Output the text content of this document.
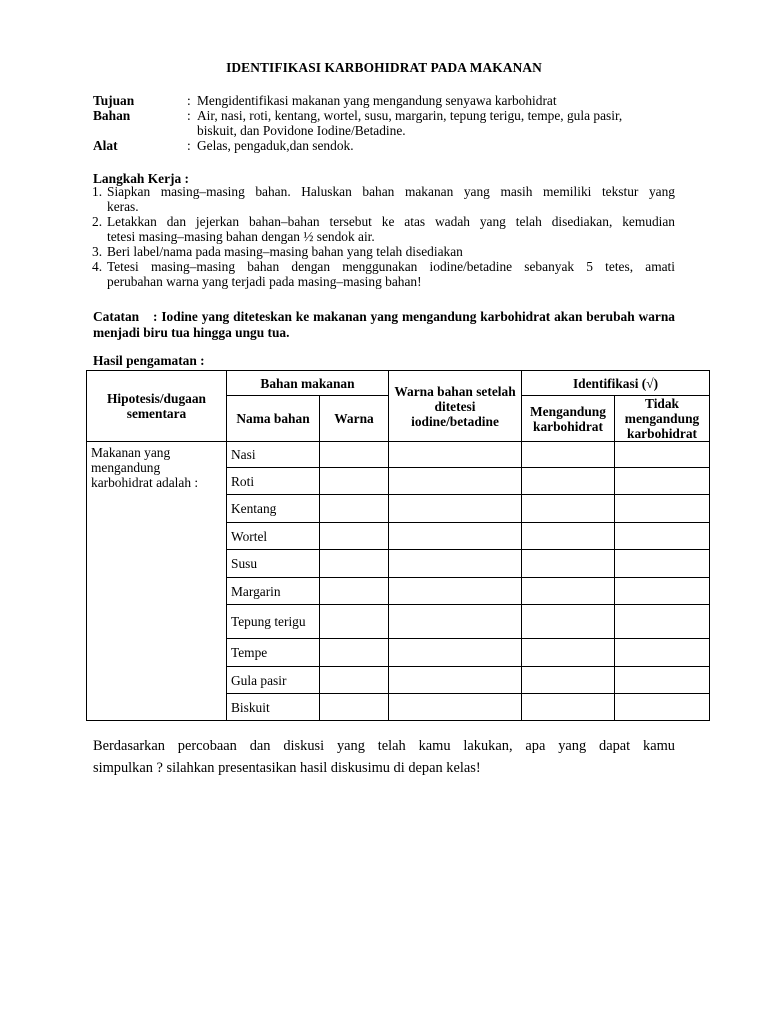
IDENTIFIKASI KARBOHIDRAT PADA MAKANAN
Tujuan	: Mengidentifikasi makanan yang mengandung senyawa karbohidrat
Bahan	: Air, nasi, roti, kentang, wortel, susu, margarin, tepung terigu, tempe, gula pasir,
biskuit, dan Povidone Iodine/Betadine.
Alat	: Gelas, pengaduk,dan sendok.
Langkah Kerja :
1. Siapkan masing–masing bahan. Haluskan bahan makanan yang masih memiliki tekstur yang
keras.
2. Letakkan dan jejerkan bahan–bahan tersebut ke atas wadah yang telah disediakan, kemudian
tetesi masing–masing bahan dengan ½ sendok air.
3. Beri label/nama pada masing–masing bahan yang telah disediakan
4. Tetesi masing–masing bahan dengan menggunakan iodine/betadine sebanyak 5 tetes, amati
perubahan warna yang terjadi pada masing–masing bahan!
Catatan : Iodine yang diteteskan ke makanan yang mengandung karbohidrat akan berubah warna menjadi biru tua hingga ungu tua.
Hasil pengamatan :
Hipotesis/dugaan sementara	Bahan makanan		Warna bahan setelah ditetesi iodine/betadine	Identifikasi (√)	
	Nama bahan	Warna		Mengandung karbohidrat	Tidak mengandung karbohidrat
Makanan yang mengandung karbohidrat adalah :	Nasi				
	Roti				
	Kentang				
	Wortel				
	Susu				
	Margarin				
	Tepung terigu				
	Tempe				
	Gula pasir				
	Biskuit				
Berdasarkan percobaan dan diskusi yang telah kamu lakukan, apa yang dapat kamu
simpulkan ? silahkan presentasikan hasil diskusimu di depan kelas!
